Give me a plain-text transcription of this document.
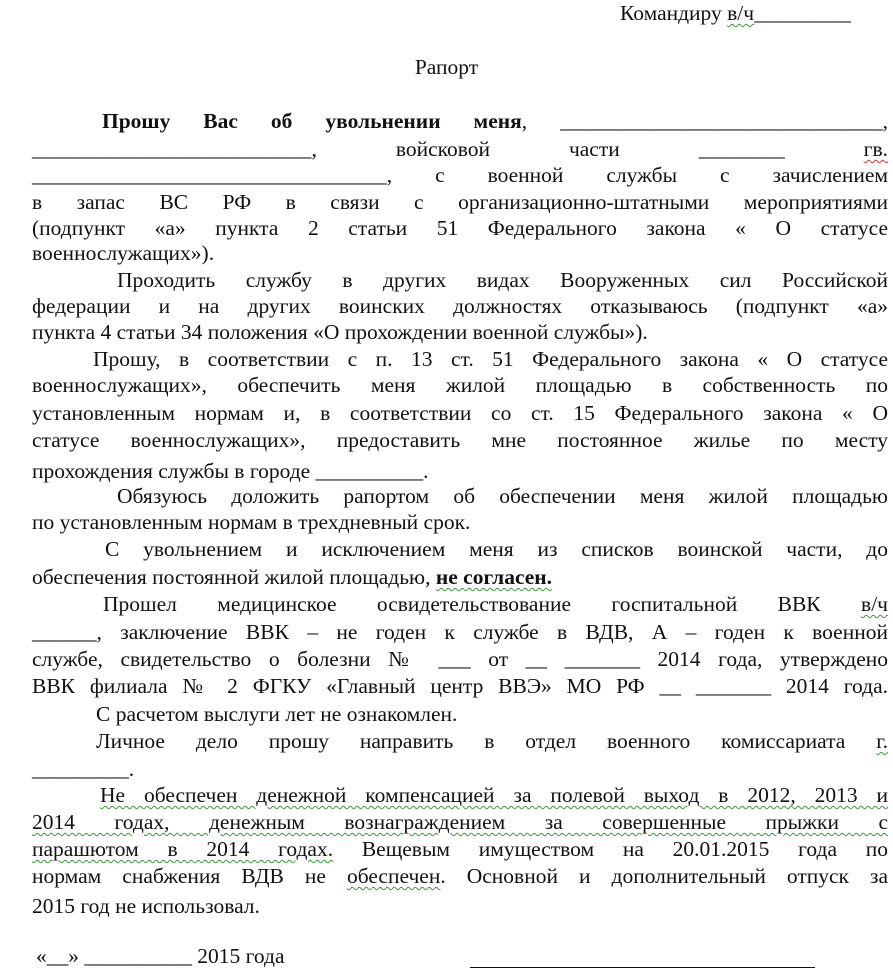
Командиру в/ч_________
Рапорт
Прошу Вас об увольнении меня, ______________________________,
__________________________, войсковой части ________	гв.
_________________________________, с военной службы с зачислением
в запас ВС РФ в связи с организационно-штатными мероприятиями
(подпункт «а» пункта 2 статьи 51 Федерального закона « О статусе
военнослужащих»).
Проходить службу в других видах Вооруженных сил Российской
федерации и на других воинских должностях отказываюсь (подпункт «а»
пункта 4 статьи 34 положения «О прохождении военной службы»).
Прошу, в соответствии с п. 13 ст. 51 Федерального закона « О статусе
военнослужащих», обеспечить меня жилой площадью в собственность по
установленным нормам и, в соответствии со ст. 15 Федерального закона « О
статусе военнослужащих», предоставить мне постоянное жилье по месту
прохождения службы в городе __________.
Обязуюсь доложить рапортом об обеспечении меня жилой площадью
по установленным нормам в трехдневный срок.
С увольнением и исключением меня из списков воинской части, до
обеспечения постоянной жилой площадью, не согласен.
Прошел медицинское освидетельствование госпитальной ВВК в/ч
______, заключение ВВК – не годен к службе в ВДВ, А – годен к военной
службе, свидетельство о болезни № ___ от __ _______ 2014 года, утверждено
ВВК филиала № 2 ФГКУ «Главный центр ВВЭ» МО РФ __ _______ 2014 года.
С расчетом выслуги лет не ознакомлен.
Личное дело прошу направить в отдел военного комиссариата г.
_________.
Не обеспечен денежной компенсацией за полевой выход в 2012, 2013 и
2014 годах, денежным вознаграждением за совершенные прыжки с
парашютом в 2014 годах. Вещевым имуществом на 20.01.2015 года по
нормам снабжения ВДВ не обеспечен. Основной и дополнительный отпуск за
2015 год не использовал.
«__» __________ 2015 года
